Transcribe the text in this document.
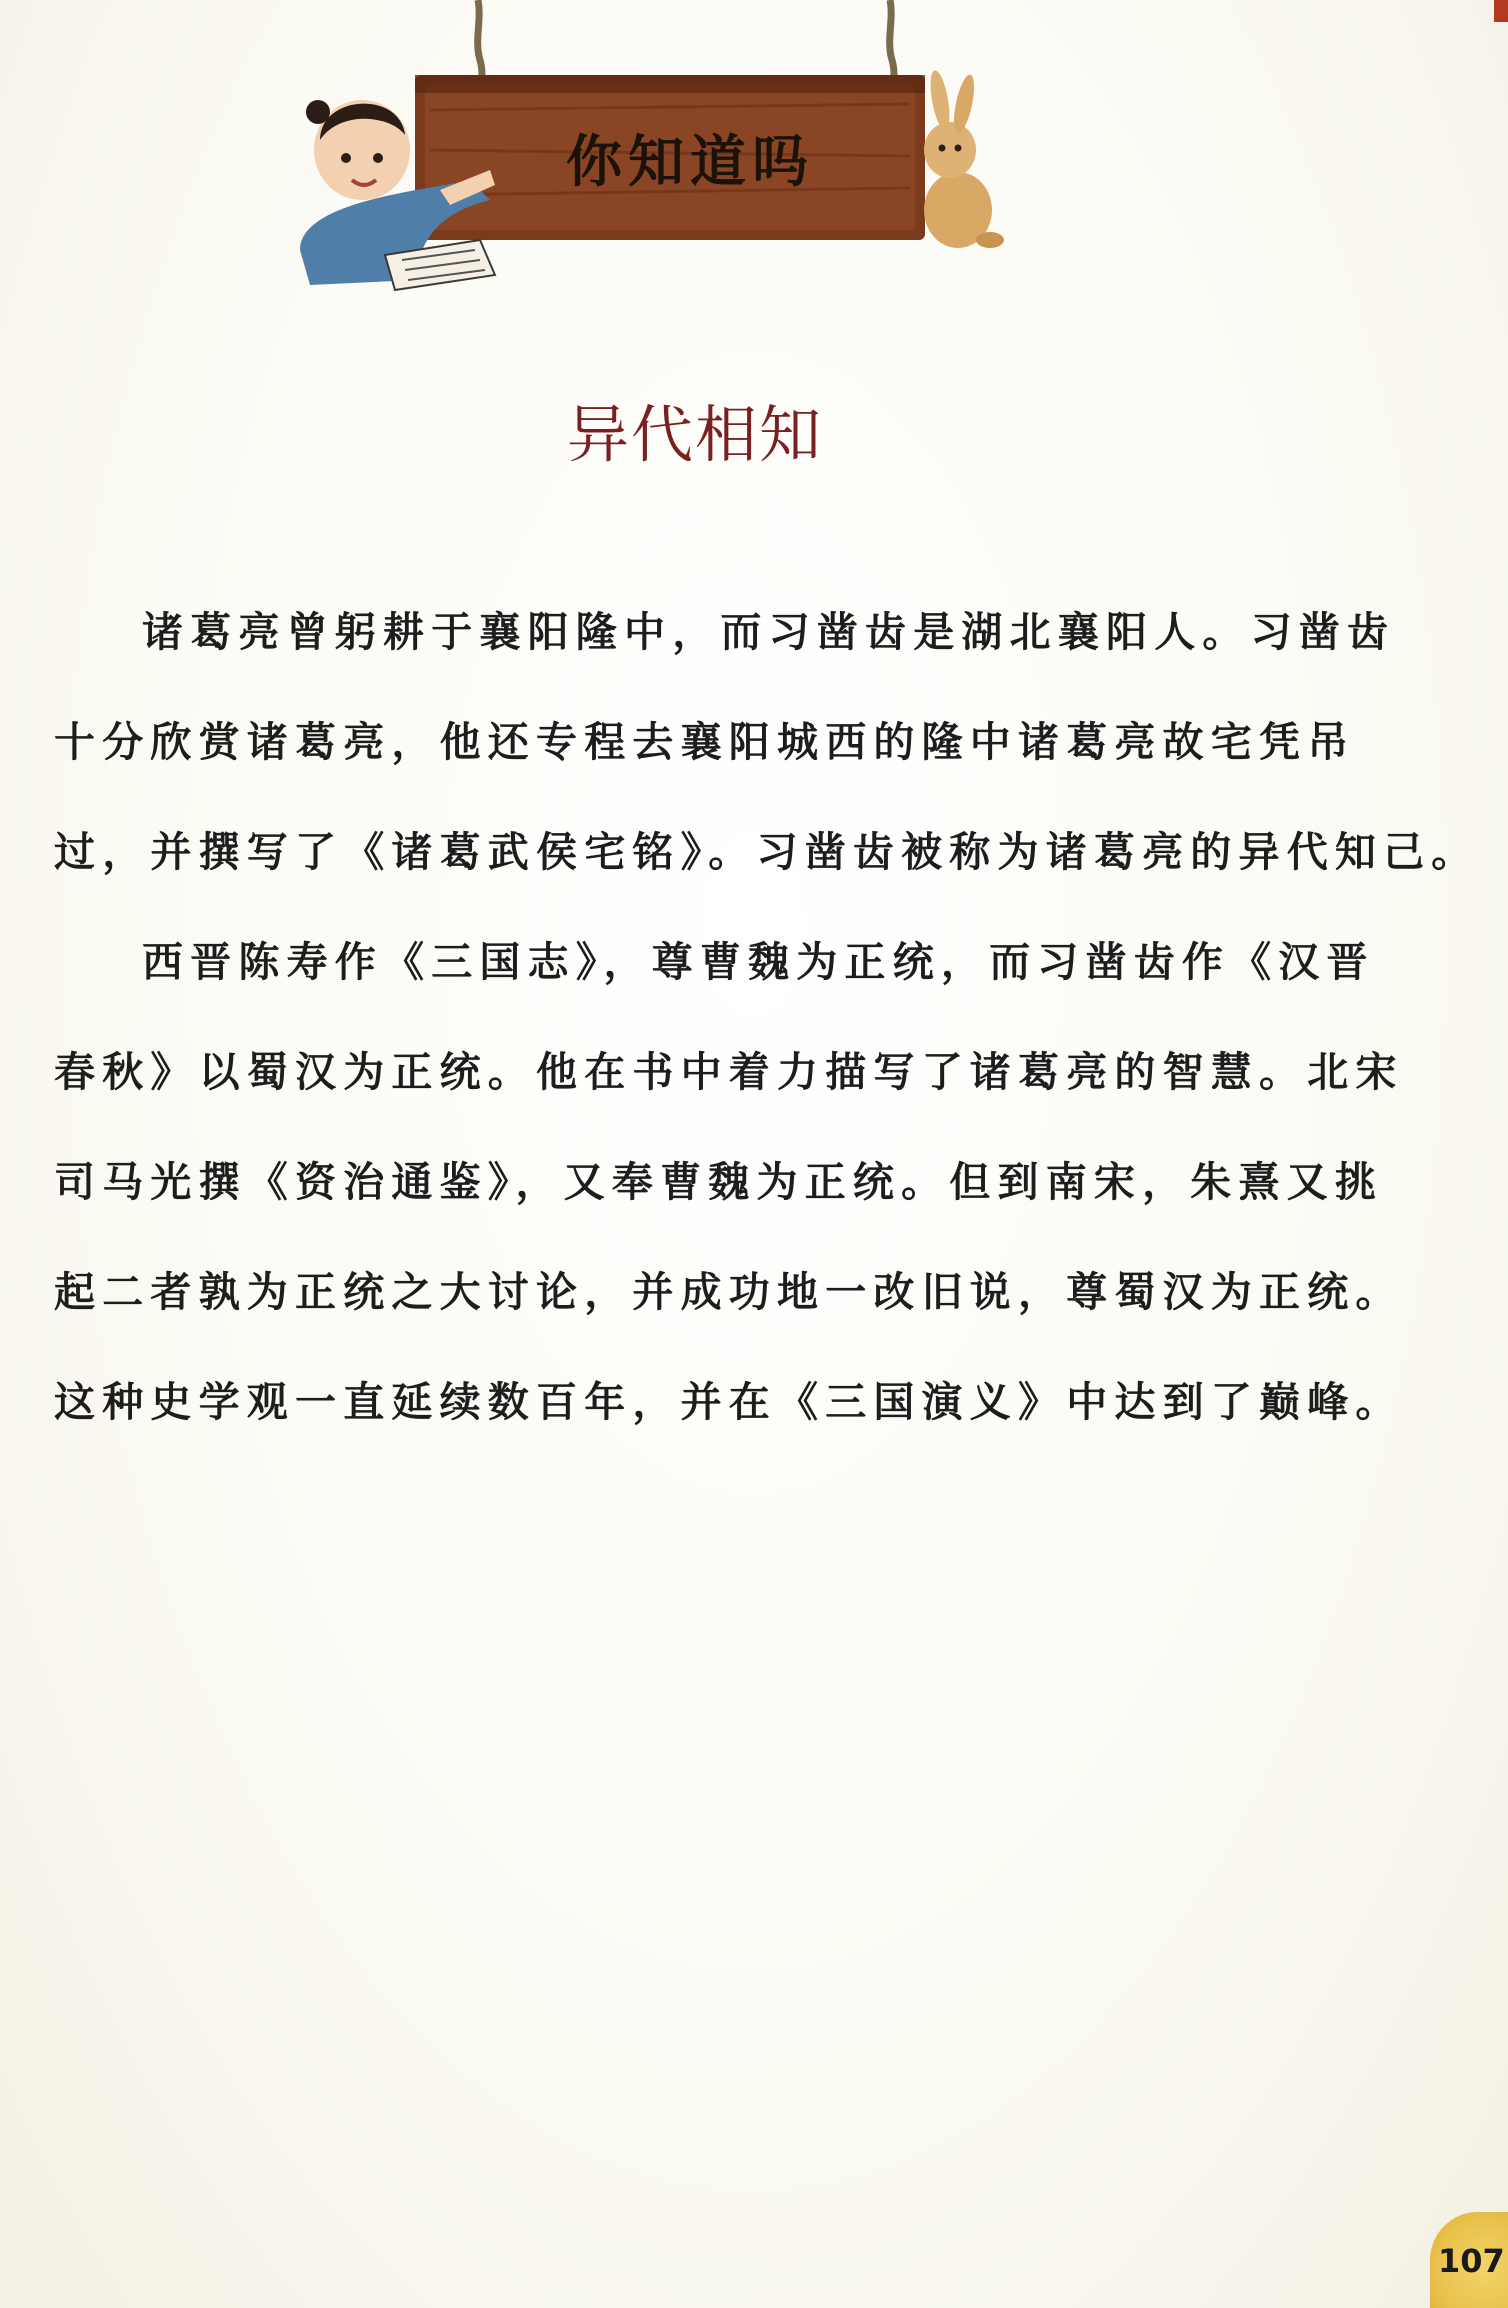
你知道吗
异代相知
诸葛亮曾躬耕于襄阳隆中，而习凿齿是湖北襄阳人。习凿齿
十分欣赏诸葛亮，他还专程去襄阳城西的隆中诸葛亮故宅凭吊
过，并撰写了《诸葛武侯宅铭》。习凿齿被称为诸葛亮的异代知己。
西晋陈寿作《三国志》，尊曹魏为正统，而习凿齿作《汉晋
春秋》以蜀汉为正统。他在书中着力描写了诸葛亮的智慧。北宋
司马光撰《资治通鉴》，又奉曹魏为正统。但到南宋，朱熹又挑
起二者孰为正统之大讨论，并成功地一改旧说，尊蜀汉为正统。
这种史学观一直延续数百年，并在《三国演义》中达到了巅峰。
107
